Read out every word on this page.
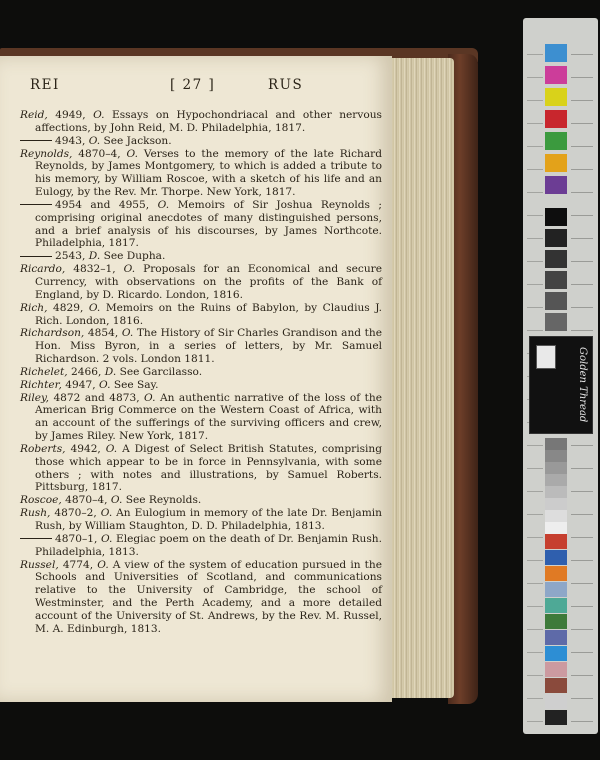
REI	[ 27 ]	RUS

Reid, 4949, O. Essays on Hypochondriacal and other nervous affections, by John Reid, M. D. Philadelphia, 1817.

4943, O. See Jackson.

Reynolds, 4870–4, O. Verses to the memory of the late Richard Reynolds, by James Montgomery, to which is added a tribute to his memory, by William Roscoe, with a sketch of his life and an Eulogy, by the Rev. Mr. Thorpe. New York, 1817.

4954 and 4955, O. Memoirs of Sir Joshua Reynolds ; comprising original anecdotes of many distinguished persons, and a brief analysis of his discourses, by James Northcote. Philadelphia, 1817.

2543, D. See Dupha.

Ricardo, 4832–1, O. Proposals for an Economical and secure Currency, with observations on the profits of the Bank of England, by D. Ricardo. London, 1816.

Rich, 4829, O. Memoirs on the Ruins of Babylon, by Claudius J. Rich. London, 1816.

Richardson, 4854, O. The History of Sir Charles Grandison and the Hon. Miss Byron, in a series of letters, by Mr. Samuel Richardson. 2 vols. London 1811.

Richelet, 2466, D. See Garcilasso.

Richter, 4947, O. See Say.

Riley, 4872 and 4873, O. An authentic narrative of the loss of the American Brig Commerce on the Western Coast of Africa, with an account of the sufferings of the surviving officers and crew, by James Riley. New York, 1817.

Roberts, 4942, O. A Digest of Select British Statutes, comprising those which appear to be in force in Pennsylvania, with some others ; with notes and illustrations, by Samuel Roberts. Pittsburg, 1817.

Roscoe, 4870–4, O. See Reynolds.

Rush, 4870–2, O. An Eulogium in memory of the late Dr. Benjamin Rush, by William Staughton, D. D. Philadelphia, 1813.

4870–1, O. Elegiac poem on the death of Dr. Benjamin Rush. Philadelphia, 1813.

Russel, 4774, O. A view of the system of education pursued in the Schools and Universities of Scotland, and communications relative to the University of Cambridge, the school of Westminster, and the Perth Academy, and a more detailed account of the University of St. Andrews, by the Rev. M. Russel, M. A. Edinburgh, 1813.

Golden Thread
